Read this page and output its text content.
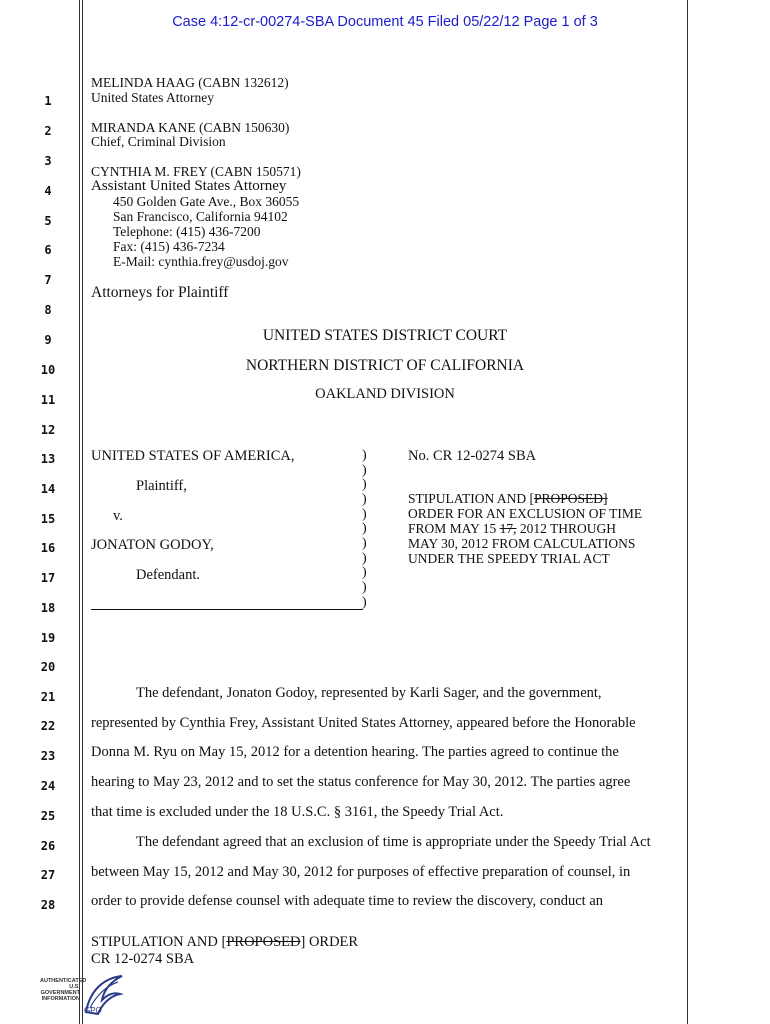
Case 4:12-cr-00274-SBA Document 45 Filed 05/22/12 Page 1 of 3
1
2
3
4
5
6
7
8
9
10
11
12
13
14
15
16
17
18
19
20
21
22
23
24
25
26
27
28
MELINDA HAAG (CABN 132612)
United States Attorney
MIRANDA KANE (CABN 150630)
Chief, Criminal Division
CYNTHIA M. FREY (CABN 150571)
Assistant United States Attorney
450 Golden Gate Ave., Box 36055
San Francisco, California 94102
Telephone: (415) 436-7200
Fax: (415) 436-7234
E-Mail: cynthia.frey@usdoj.gov
Attorneys for Plaintiff
UNITED STATES DISTRICT COURT
NORTHERN DISTRICT OF CALIFORNIA
OAKLAND DIVISION
UNITED STATES OF AMERICA,
Plaintiff,
v.
JONATON GODOY,
Defendant.
)
)
)
)
)
)
)
)
)
)
)
No. CR 12-0274 SBA
STIPULATION AND [PROPOSED]
ORDER FOR AN EXCLUSION OF TIME
FROM MAY 15 17, 2012 THROUGH
MAY 30, 2012 FROM CALCULATIONS
UNDER THE SPEEDY TRIAL ACT
The defendant, Jonaton Godoy, represented by Karli Sager, and the government,
represented by Cynthia Frey, Assistant United States Attorney, appeared before the Honorable
Donna M. Ryu on May 15, 2012 for a detention hearing. The parties agreed to continue the
hearing to May 23, 2012 and to set the status conference for May 30, 2012. The parties agree
that time is excluded under the 18 U.S.C. § 3161, the Speedy Trial Act.
The defendant agreed that an exclusion of time is appropriate under the Speedy Trial Act
between May 15, 2012 and May 30, 2012 for purposes of effective preparation of counsel, in
order to provide defense counsel with adequate time to review the discovery, conduct an
STIPULATION AND [PROPOSED] ORDER
CR 12-0274 SBA
AUTHENTICATED
U.S. GOVERNMENT
INFORMATION
GPO
